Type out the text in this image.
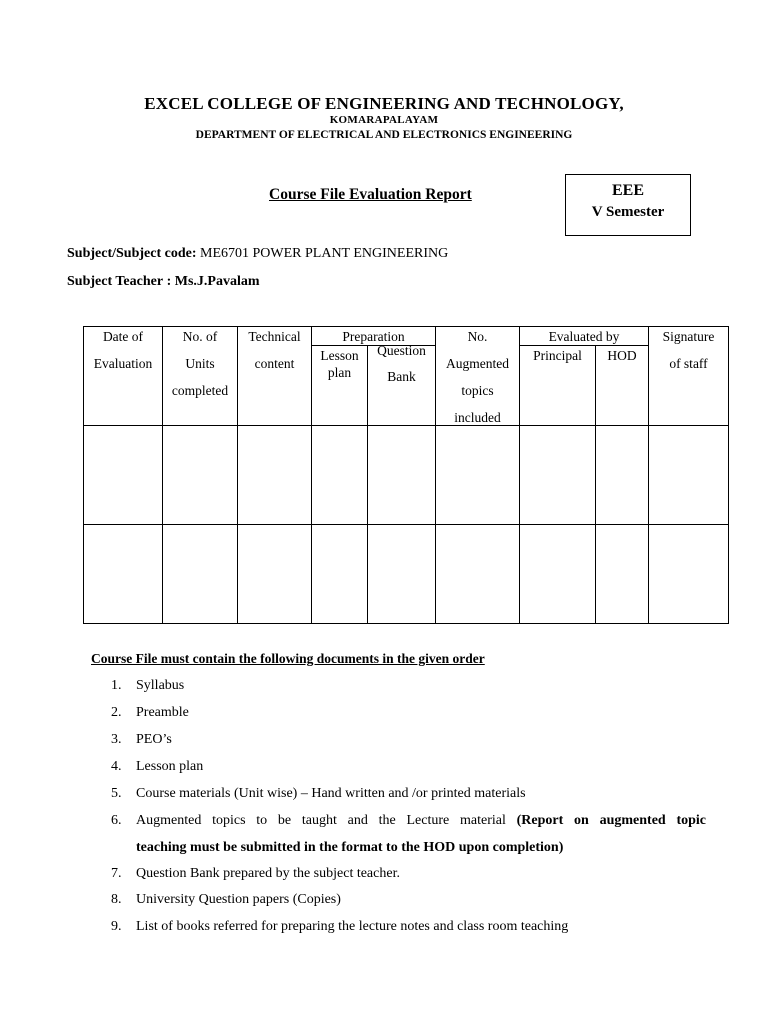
EXCEL COLLEGE OF ENGINEERING AND TECHNOLOGY,
KOMARAPALAYAM
DEPARTMENT OF ELECTRICAL AND ELECTRONICS ENGINEERING
Course File Evaluation Report	EEE
V Semester
Subject/Subject code: ME6701 POWER PLANT ENGINEERING
Subject Teacher : Ms.J.Pavalam
Date of
Evaluation
No. of
Units
completed
Technical
content
Preparation
Lesson
plan
Question
Bank
No.
Augmented
topics
included
Evaluated by
Principal	HOD
Signature
of staff
Course File must contain the following documents in the given order
1. Syllabus
2. Preamble
3. PEO’s
4. Lesson plan
5. Course materials (Unit wise) – Hand written and /or printed materials
6. Augmented topics to be taught and the Lecture material (Report on augmented topic
teaching must be submitted in the format to the HOD upon completion)
7. Question Bank prepared by the subject teacher.
8. University Question papers (Copies)
9. List of books referred for preparing the lecture notes and class room teaching
